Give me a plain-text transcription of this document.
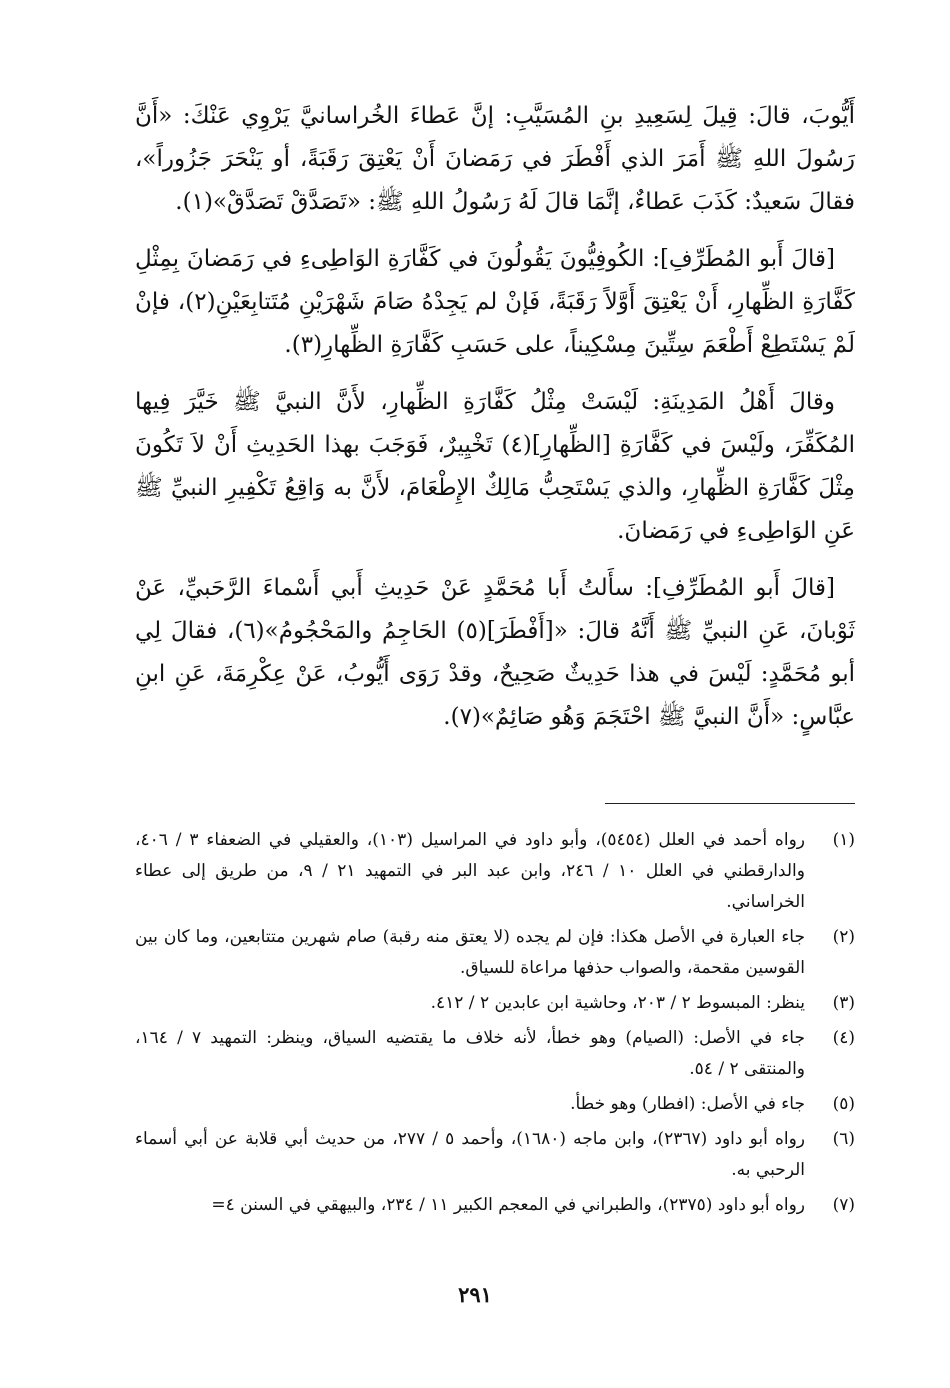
أَيُّوبَ، قالَ: قِيلَ لِسَعِيدِ بنِ المُسَيَّبِ: إنَّ عَطاءَ الخُراسانيَّ يَرْوِي عَنْكَ: «أَنَّ رَسُولَ اللهِ ﷺ أَمَرَ الذي أَفْطَرَ في رَمَضانَ أَنْ يَعْتِقَ رَقَبَةً، أو يَنْحَرَ جَزُوراً»، فقالَ سَعيدٌ: كَذَبَ عَطاءٌ، إنَّمَا قالَ لَهُ رَسُولُ اللهِ ﷺ: «تَصَدَّقْ تَصَدَّقْ»(١).

[قالَ أَبو المُطَرِّفِ]: الكُوفِيُّونَ يَقُولُونَ في كَفَّارَةِ الوَاطِىءِ في رَمَضانَ بِمِثْلِ كَفَّارَةِ الظِّهارِ، أَنْ يَعْتِقَ أَوَّلاً رَقَبَةً، فَإنْ لم يَجِدْهُ صَامَ شَهْرَيْنِ مُتَتابِعَيْنِ(٢)، فإنْ لَمْ يَسْتَطِعْ أَطْعَمَ سِتِّينَ مِسْكِيناً، على حَسَبِ كَفَّارَةِ الظِّهارِ(٣).

وقالَ أَهْلُ المَدِينَةِ: لَيْسَتْ مِثْلُ كَفَّارَةِ الظِّهارِ، لأَنَّ النبيَّ ﷺ خَيَّرَ فِيها المُكَفِّرَ، ولَيْسَ في كَفَّارَةِ [الظِّهارِ](٤) تَخْيِيرٌ، فَوَجَبَ بهذا الحَدِيثِ أَنْ لاَ تَكُونَ مِثْلَ كَفَّارَةِ الظِّهارِ، والذي يَسْتَحِبُّ مَالِكٌ الإِطْعَامَ، لأَنَّ به وَاقِعُ تَكْفِيرِ النبيِّ ﷺ عَنِ الوَاطِىءِ في رَمَضانَ.

[قالَ أَبو المُطَرِّفِ]: سأَلتُ أَبا مُحَمَّدٍ عَنْ حَدِيثِ أَبي أَسْماءَ الرَّحَبيِّ، عَنْ ثَوْبانَ، عَنِ النبيِّ ﷺ أَنَّهُ قالَ: «[أَفْطَرَ](٥) الحَاجِمُ والمَحْجُومُ»(٦)، فقالَ لِي أبو مُحَمَّدٍ: لَيْسَ في هذا حَدِيثٌ صَحِيحٌ، وقدْ رَوَى أَيُّوبُ، عَنْ عِكْرِمَةَ، عَنِ ابنِ عبَّاسٍ: «أَنَّ النبيَّ ﷺ احْتَجَمَ وَهُو صَائِمٌ»(٧).

(١)
رواه أحمد في العلل (٥٤٥٤)، وأبو داود في المراسيل (١٠٣)، والعقيلي في الضعفاء ٣ / ٤٠٦، والدارقطني في العلل ١٠ / ٢٤٦، وابن عبد البر في التمهيد ٢١ / ٩، من طريق إلى عطاء الخراساني.
(٢)
جاء العبارة في الأصل هكذا: فإن لم يجده (لا يعتق منه رقبة) صام شهرين متتابعين، وما كان بين القوسين مقحمة، والصواب حذفها مراعاة للسياق.
(٣)
ينظر: المبسوط ٢ / ٢٠٣، وحاشية ابن عابدين ٢ / ٤١٢.
(٤)
جاء في الأصل: (الصيام) وهو خطأ، لأنه خلاف ما يقتضيه السياق، وينظر: التمهيد ٧ / ١٦٤، والمنتقى ٢ / ٥٤.
(٥)
جاء في الأصل: (افطار) وهو خطأ.
(٦)
رواه أبو داود (٢٣٦٧)، وابن ماجه (١٦٨٠)، وأحمد ٥ / ٢٧٧، من حديث أبي قلابة عن أبي أسماء الرحبي به.
(٧)
رواه أبو داود (٢٣٧٥)، والطبراني في المعجم الكبير ١١ / ٢٣٤، والبيهقي في السنن ٤=
٢٩١
